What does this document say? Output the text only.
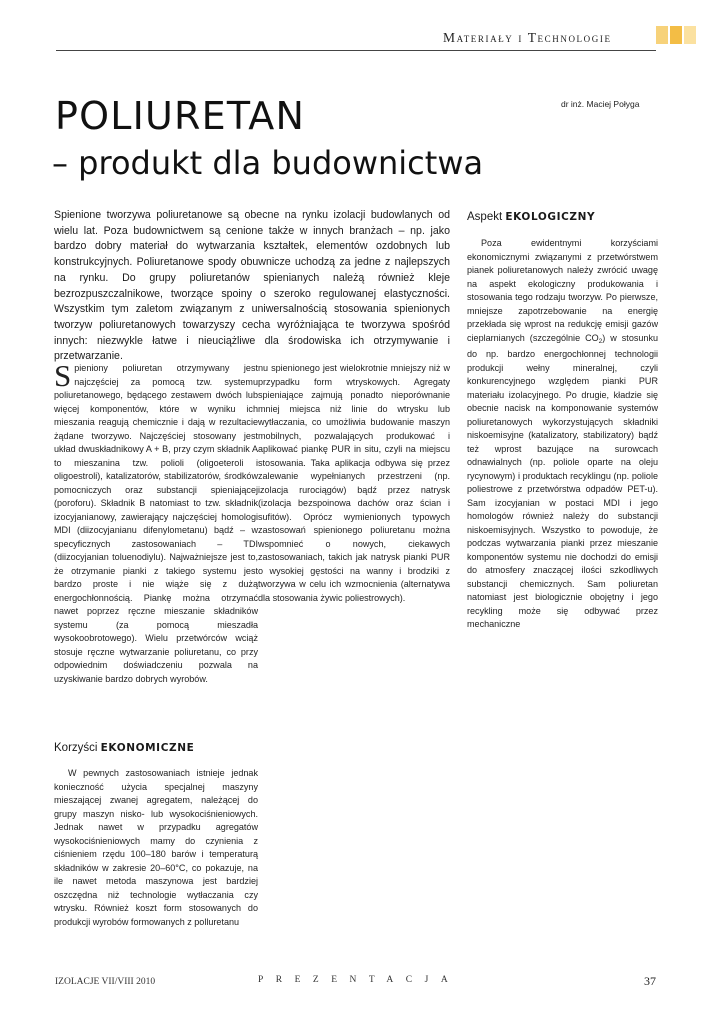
Materiały i Technologie
POLIURETAN
– produkt dla budownictwa
dr inż. Maciej Połyga
Spienione tworzywa poliuretanowe są obecne na rynku izolacji budowlanych od wielu lat. Poza budownictwem są cenione także w innych branżach – np. jako bardzo dobry materiał do wytwarzania kształtek, elementów ozdobnych lub konstrukcyjnych. Poliuretanowe spody obuwnicze uchodzą za jedne z najlepszych na rynku. Do grupy poliuretanów spienianych należą również kleje bezrozpuszczalnikowe, tworzące spoiny o szeroko regulowanej elastyczności. Wszystkim tym zaletom związanym z uniwersalnością stosowania spienionych tworzyw poliuretanowych towarzyszy cecha wyróżniająca te tworzywa spośród innych: niezwykle łatwe i nieuciążliwe dla środowiska ich otrzymywanie i przetwarzanie.

Spieniony poliuretan otrzymywany jest najczęściej za pomocą tzw. systemu poliuretanowego, będącego zestawem dwóch lub więcej komponentów, które w wyniku ich mieszania reagują chemicznie i dają w rezultacie żądane tworzywo. Najczęściej stosowany jest układ dwuskładnikowy A + B, przy czym składnik A to mieszanina tzw. polioli (oligoeteroli i oligoestroli), katalizatorów, stabilizatorów, środków pomocniczych oraz substancji spieniającej (poroforu). Składnik B natomiast to tzw. składnik izocyjanianowy, zawierający najczęściej homologi MDI (diizocyjanianu difenylometanu) bądź – w specyficznych zastosowaniach – TDI (diizocyjanian toluenodiylu). Najważniejsze jest to, że otrzymanie pianki z takiego systemu jest bardzo proste i nie wiąże się z dużą energochłonnością. Piankę można otrzymać nawet poprzez ręczne mieszanie składników systemu (za pomocą mieszadła wysokoobrotowego). Wielu przetwórców wciąż stosuje ręczne wytwarzanie poliuretanu, co przy odpowiednim doświadczeniu pozwala na uzyskiwanie bardzo dobrych wyrobów.

Korzyści EKONOMICZNE

W pewnych zastosowaniach istnieje jednak konieczność użycia specjalnej maszyny mieszającej zwanej agregatem, należącej do grupy maszyn nisko- lub wysokociśnieniowych. Jednak nawet w przypadku agregatów wysokociśnieniowych mamy do czynienia z ciśnieniem rzędu 100–180 barów i temperaturą składników w zakresie 20–60°C, co pokazuje, na ile nawet metoda maszynowa jest bardziej oszczędna niż technologie wytłaczania czy wtrysku. Również koszt form stosowanych do produkcji wyrobów formowanych z polluretanu

nu spienionego jest wielokrotnie mniejszy niż w przypadku form wtryskowych. Agregaty spieniające zajmują ponadto nieporównanie mniej miejsca niż linie do wtrysku lub wytłaczania, co umożliwia budowanie maszyn mobilnych, pozwalających produkować i aplikować piankę PUR in situ, czyli na miejscu stosowania. Taka aplikacja odbywa się przez zalewanie wypełnianych przestrzeni (np. izolacja rurociągów) bądź przez natrysk (izolacja bezspoinowa dachów oraz ścian i sufitów). Oprócz wymienionych typowych zastosowań spienionego poliuretanu można wspomnieć o nowych, ciekawych zastosowaniach, takich jak natrysk pianki PUR o wysokiej gęstości na wanny i brodziki z tworzywa w celu ich wzmocnienia (alternatywa dla stosowania żywic poliestrowych).

Aspekt EKOLOGICZNY

Poza ewidentnymi korzyściami ekonomicznymi związanymi z przetwórstwem pianek poliuretanowych należy zwrócić uwagę na aspekt ekologiczny produkowania i stosowania tego rodzaju tworzyw. Po pierwsze, mniejsze zapotrzebowanie na energię przekłada się wprost na redukcję emisji gazów cieplarnianych (szczególnie $CO_2$) w stosunku do np. bardzo energochłonnej technologii produkcji wełny mineralnej, czyli konkurencyjnego względem pianki PUR materiału izolacyjnego. Po drugie, kładzie się obecnie nacisk na komponowanie systemów poliuretanowych wykorzystujących składniki niskoemisyjne (katalizatory, stabilizatory) bądź też wprost bazujące na surowcach odnawialnych (np. poliole oparte na oleju rycynowym) i produktach recyklingu (np. poliole poliestrowe z przetwórstwa odpadów PET-u). Sam izocyjanian w postaci MDI i jego homologów również należy do substancji niskoemisyjnych. Wszystko to powoduje, że podczas wytwarzania pianki przez mieszanie komponentów systemu nie dochodzi do emisji do atmosfery znaczącej ilości szkodliwych substancji chemicznych. Sam poliuretan natomiast jest biologicznie obojętny i jego recykling może się odbywać przez mechaniczne

IZOLACJE VII/VIII 2010	PREZENTACJA	37
